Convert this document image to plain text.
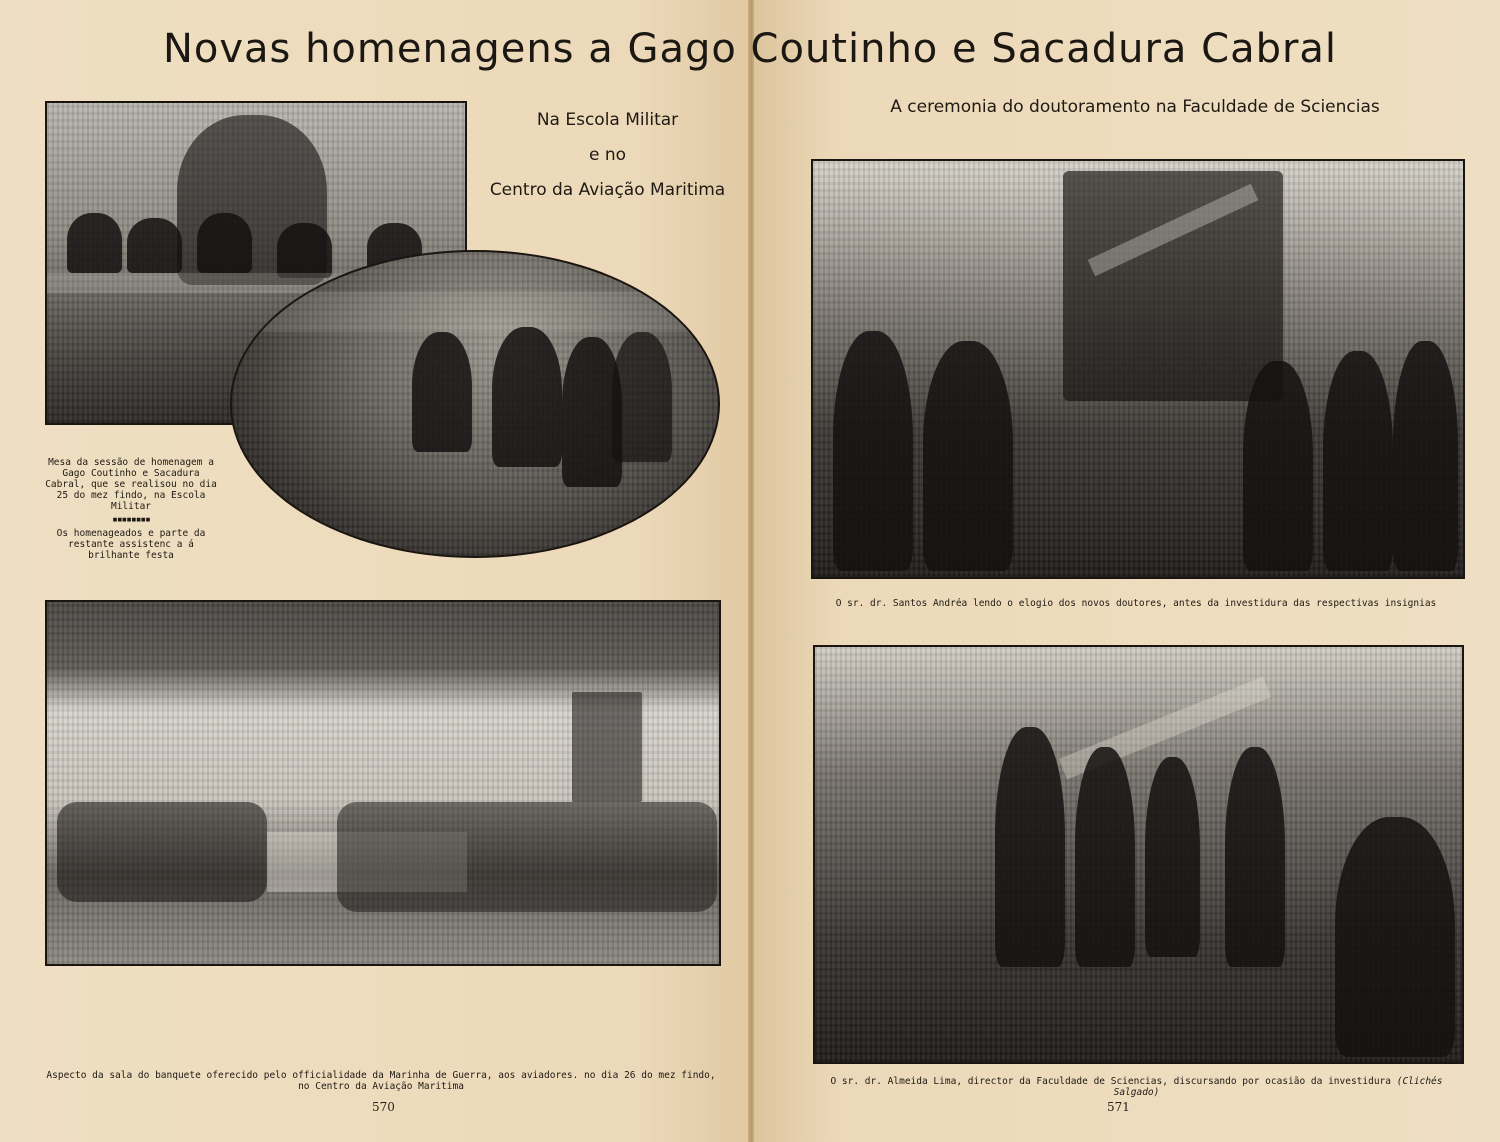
Novas homenagens a Gago Coutinho e Sacadura Cabral
Na Escola Militar
e no
Centro da Aviação Maritima
A ceremonia do doutoramento na Faculdade de Sciencias

Mesa da sessão de homenagem a Gago Coutinho e Sacadura Cabral, que se realisou no dia 25 do mez findo, na Escola Militar

▪▪▪▪▪▪▪▪

Os homenageados e parte da restante assistenc a á brilhante festa

O sr. dr. Santos Andréa lendo o elogio dos novos doutores, antes da investidura das respectivas insignias

Aspecto da sala do banquete oferecido pelo officialidade da Marinha de Guerra, aos aviadores. no dia 26 do mez findo, no Centro da Aviação Maritima	O sr. dr. Almeida Lima, director da Faculdade de Sciencias, discursando por ocasião da investidura (Clichés Salgado)

570	571
